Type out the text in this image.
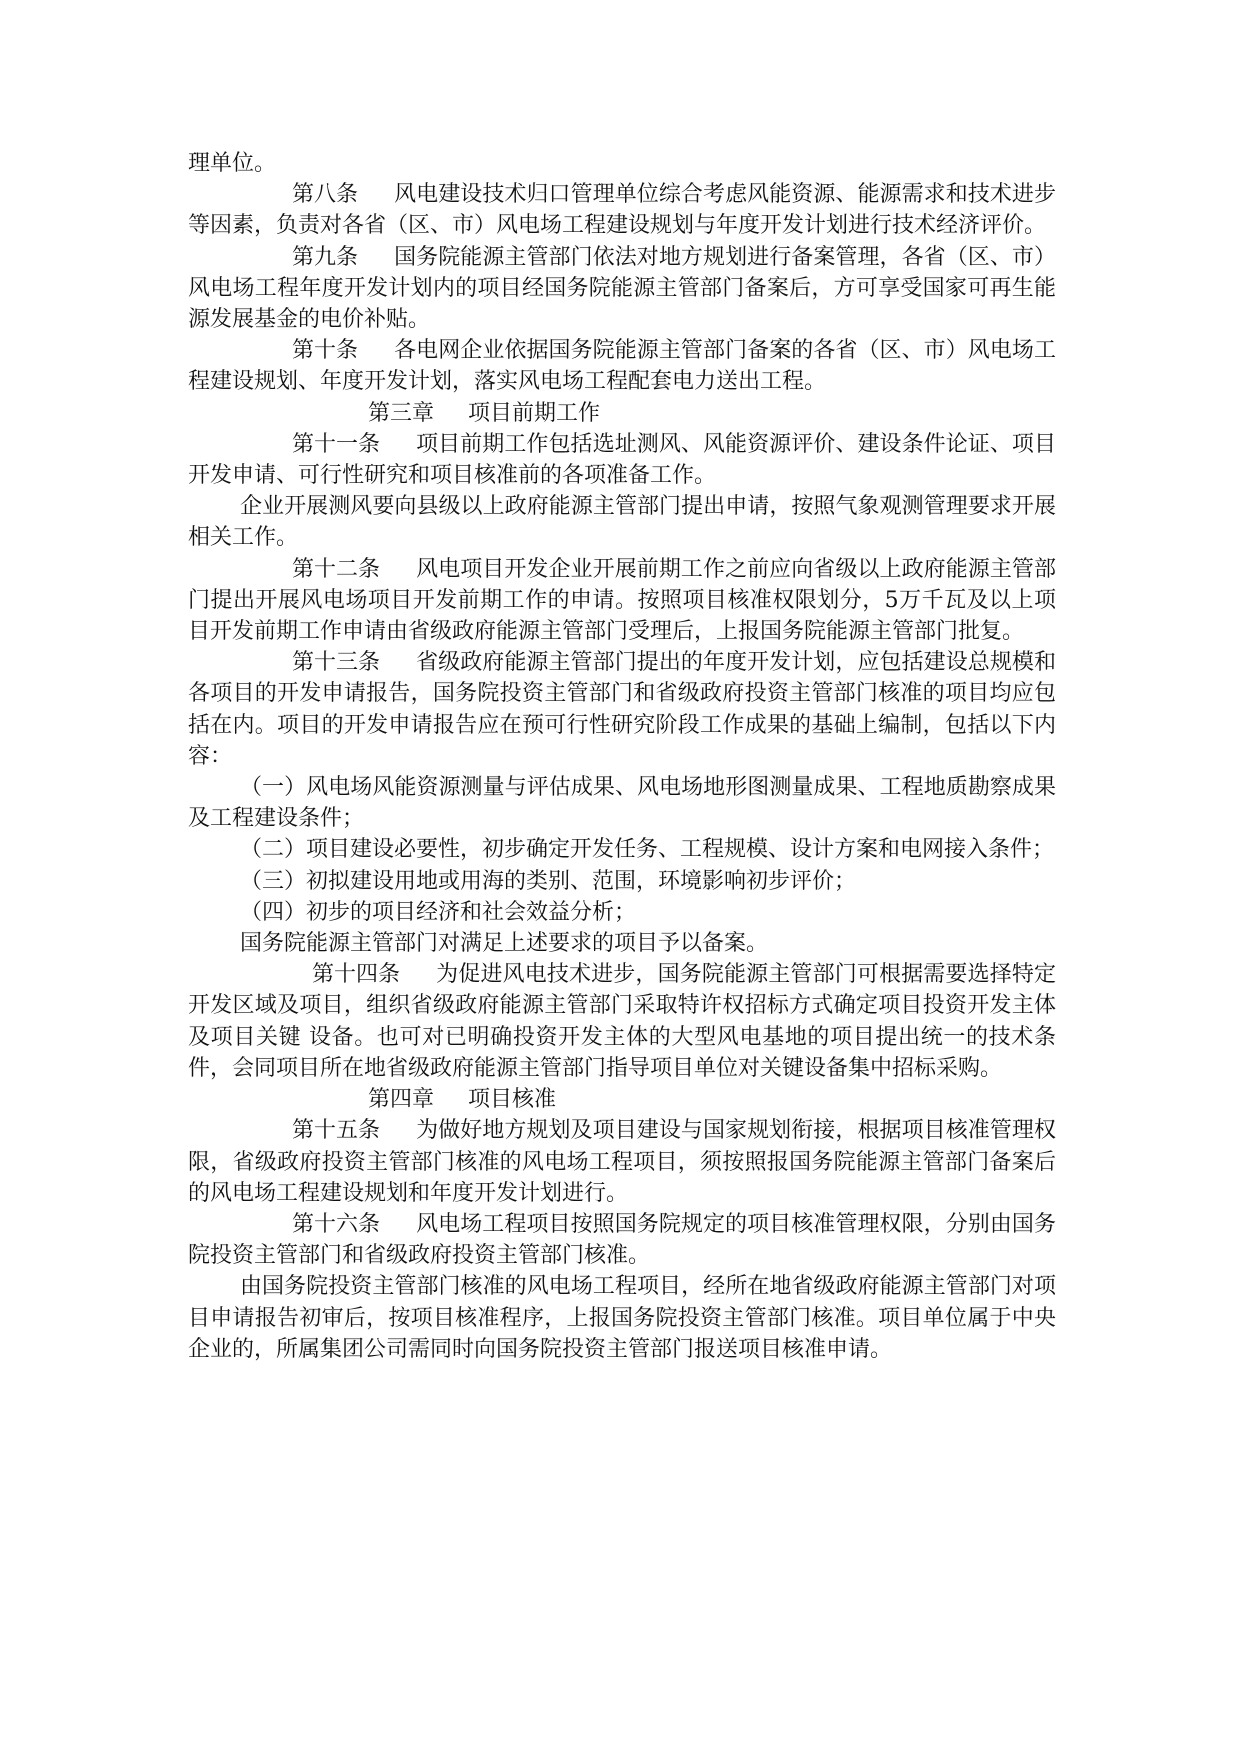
理单位。

第八条 风电建设技术归口管理单位综合考虑风能资源、能源需求和技术进步等因素，负责对各省（区、市）风电场工程建设规划与年度开发计划进行技术经济评价。

第九条 国务院能源主管部门依法对地方规划进行备案管理，各省（区、市）风电场工程年度开发计划内的项目经国务院能源主管部门备案后，方可享受国家可再生能源发展基金的电价补贴。

第十条 各电网企业依据国务院能源主管部门备案的各省（区、市）风电场工程建设规划、年度开发计划，落实风电场工程配套电力送出工程。

第三章 项目前期工作

第十一条 项目前期工作包括选址测风、风能资源评价、建设条件论证、项目开发申请、可行性研究和项目核准前的各项准备工作。

企业开展测风要向县级以上政府能源主管部门提出申请，按照气象观测管理要求开展相关工作。

第十二条 风电项目开发企业开展前期工作之前应向省级以上政府能源主管部门提出开展风电场项目开发前期工作的申请。按照项目核准权限划分，5万千瓦及以上项目开发前期工作申请由省级政府能源主管部门受理后，上报国务院能源主管部门批复。

第十三条 省级政府能源主管部门提出的年度开发计划，应包括建设总规模和各项目的开发申请报告，国务院投资主管部门和省级政府投资主管部门核准的项目均应包括在内。项目的开发申请报告应在预可行性研究阶段工作成果的基础上编制，包括以下内容：

（一）风电场风能资源测量与评估成果、风电场地形图测量成果、工程地质勘察成果及工程建设条件；

（二）项目建设必要性，初步确定开发任务、工程规模、设计方案和电网接入条件；

（三）初拟建设用地或用海的类别、范围，环境影响初步评价；

（四）初步的项目经济和社会效益分析；

国务院能源主管部门对满足上述要求的项目予以备案。

第十四条 为促进风电技术进步，国务院能源主管部门可根据需要选择特定开发区域及项目，组织省级政府能源主管部门采取特许权招标方式确定项目投资开发主体及项目关键 设备。也可对已明确投资开发主体的大型风电基地的项目提出统一的技术条件，会同项目所在地省级政府能源主管部门指导项目单位对关键设备集中招标采购。

第四章 项目核准

第十五条 为做好地方规划及项目建设与国家规划衔接，根据项目核准管理权限，省级政府投资主管部门核准的风电场工程项目，须按照报国务院能源主管部门备案后的风电场工程建设规划和年度开发计划进行。

第十六条 风电场工程项目按照国务院规定的项目核准管理权限，分别由国务院投资主管部门和省级政府投资主管部门核准。

由国务院投资主管部门核准的风电场工程项目，经所在地省级政府能源主管部门对项目申请报告初审后，按项目核准程序，上报国务院投资主管部门核准。项目单位属于中央企业的，所属集团公司需同时向国务院投资主管部门报送项目核准申请。
